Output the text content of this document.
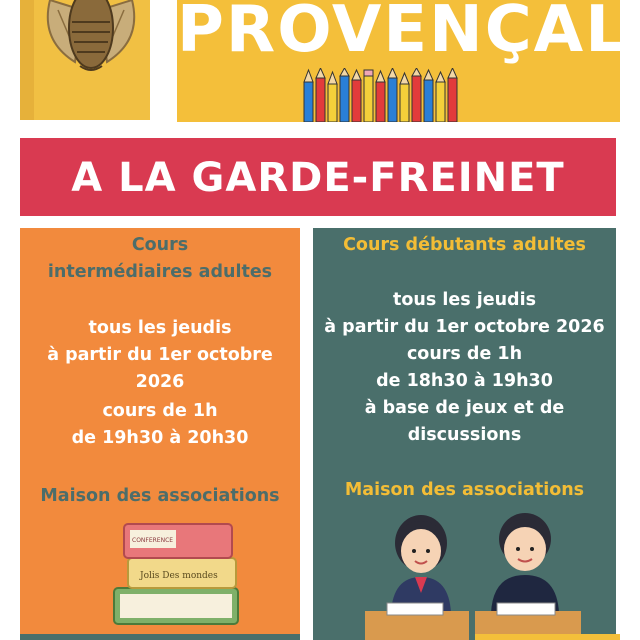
PROVENÇAL
A LA GARDE-FREINET
Cours
intermédiaires adultes
tous les jeudis
à partir du 1er octobre 2026
cours de 1h
de 19h30 à 20h30
Maison des associations
Jolis Des mondes
CONFERENCE
Cours débutants adultes
tous les jeudis
à partir du 1er octobre 2026
cours de 1h
de 18h30 à 19h30
à base de jeux et de
discussions
Maison des associations
